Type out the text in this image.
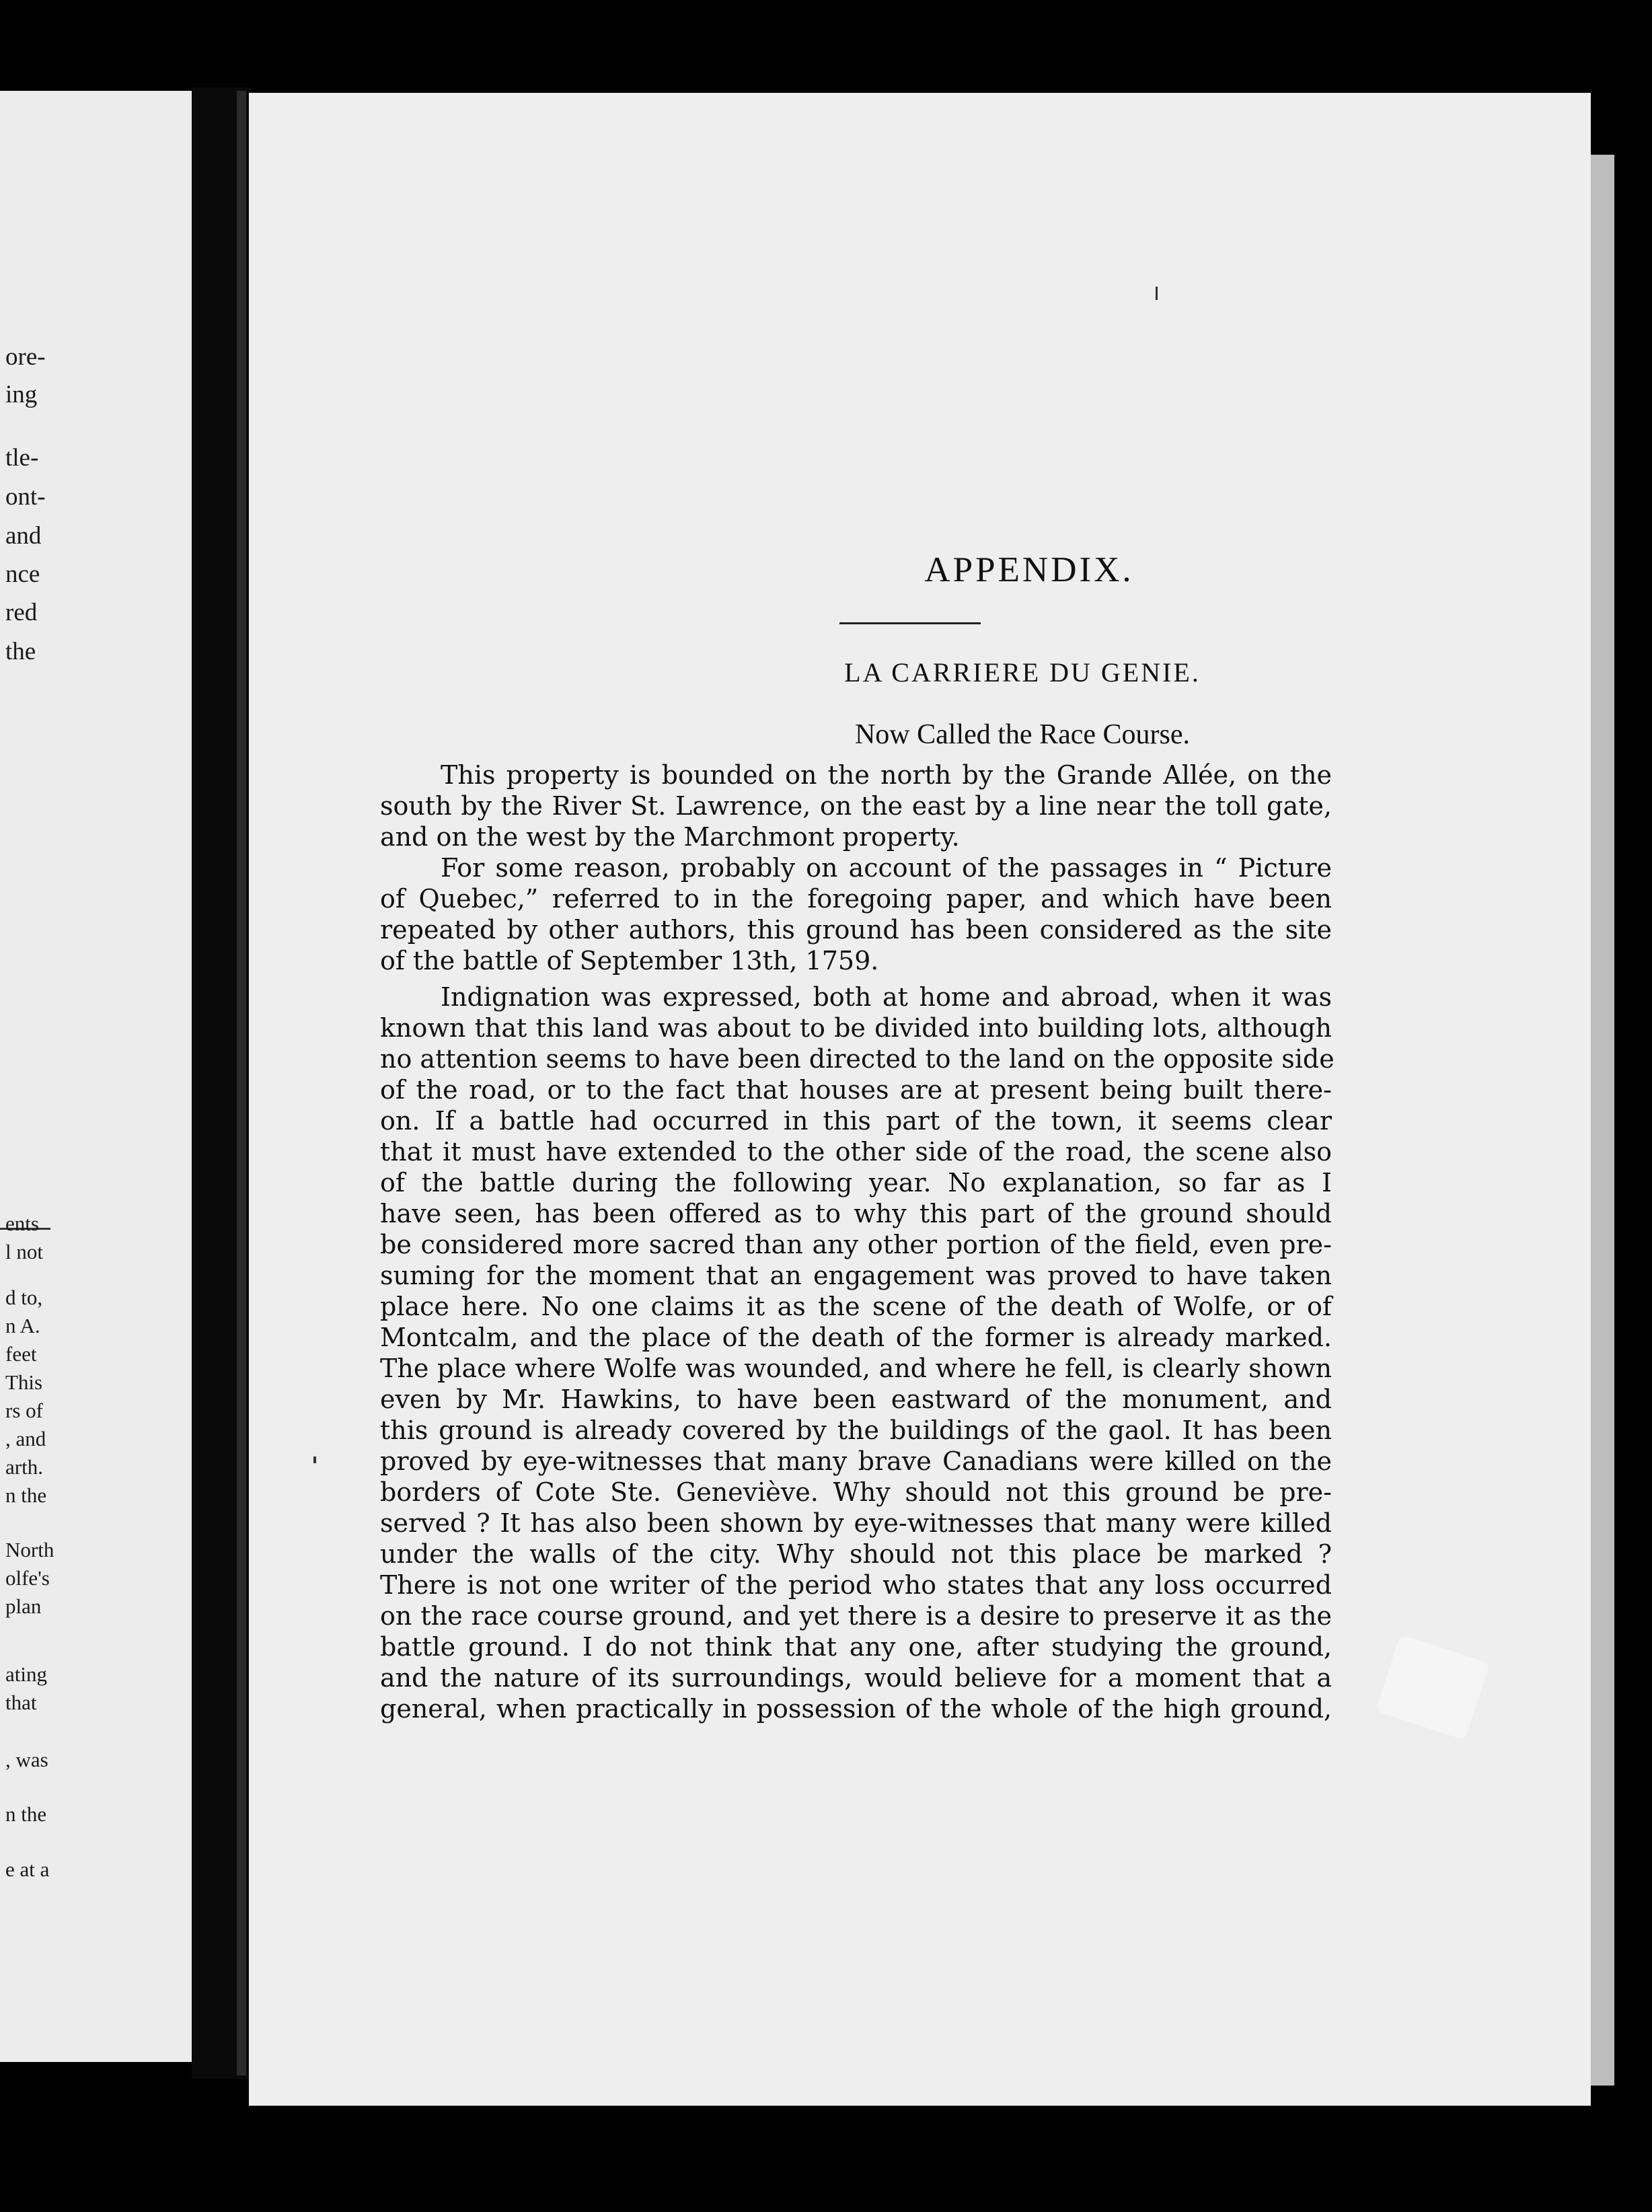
ore-
ing
tle-
ont-
and
nce
red
the
ents
l not
d to,
n A.
feet
This
rs of
, and
arth.
n the
North
olfe's
plan
ating
that
, was
n the
e at a
APPENDIX.
LA CARRIERE DU GENIE.
Now Called the Race Course.
This property is bounded on the north by the Grande Allée, on the
south by the River St. Lawrence, on the east by a line near the toll gate,
and on the west by the Marchmont property.
For some reason, probably on account of the passages in “ Picture
of Quebec,” referred to in the foregoing paper, and which have been
repeated by other authors, this ground has been considered as the site
of the battle of September 13th, 1759.
Indignation was expressed, both at home and abroad, when it was
known that this land was about to be divided into building lots, although
no attention seems to have been directed to the land on the opposite side
of the road, or to the fact that houses are at present being built there-
on. If a battle had occurred in this part of the town, it seems clear
that it must have extended to the other side of the road, the scene also
of the battle during the following year. No explanation, so far as I
have seen, has been offered as to why this part of the ground should
be considered more sacred than any other portion of the field, even pre-
suming for the moment that an engagement was proved to have taken
place here. No one claims it as the scene of the death of Wolfe, or of
Montcalm, and the place of the death of the former is already marked.
The place where Wolfe was wounded, and where he fell, is clearly shown
even by Mr. Hawkins, to have been eastward of the monument, and
this ground is already covered by the buildings of the gaol. It has been
proved by eye-witnesses that many brave Canadians were killed on the
borders of Cote Ste. Geneviève. Why should not this ground be pre-
served ? It has also been shown by eye-witnesses that many were killed
under the walls of the city. Why should not this place be marked ?
There is not one writer of the period who states that any loss occurred
on the race course ground, and yet there is a desire to preserve it as the
battle ground. I do not think that any one, after studying the ground,
and the nature of its surroundings, would believe for a moment that a
general, when practically in possession of the whole of the high ground,
